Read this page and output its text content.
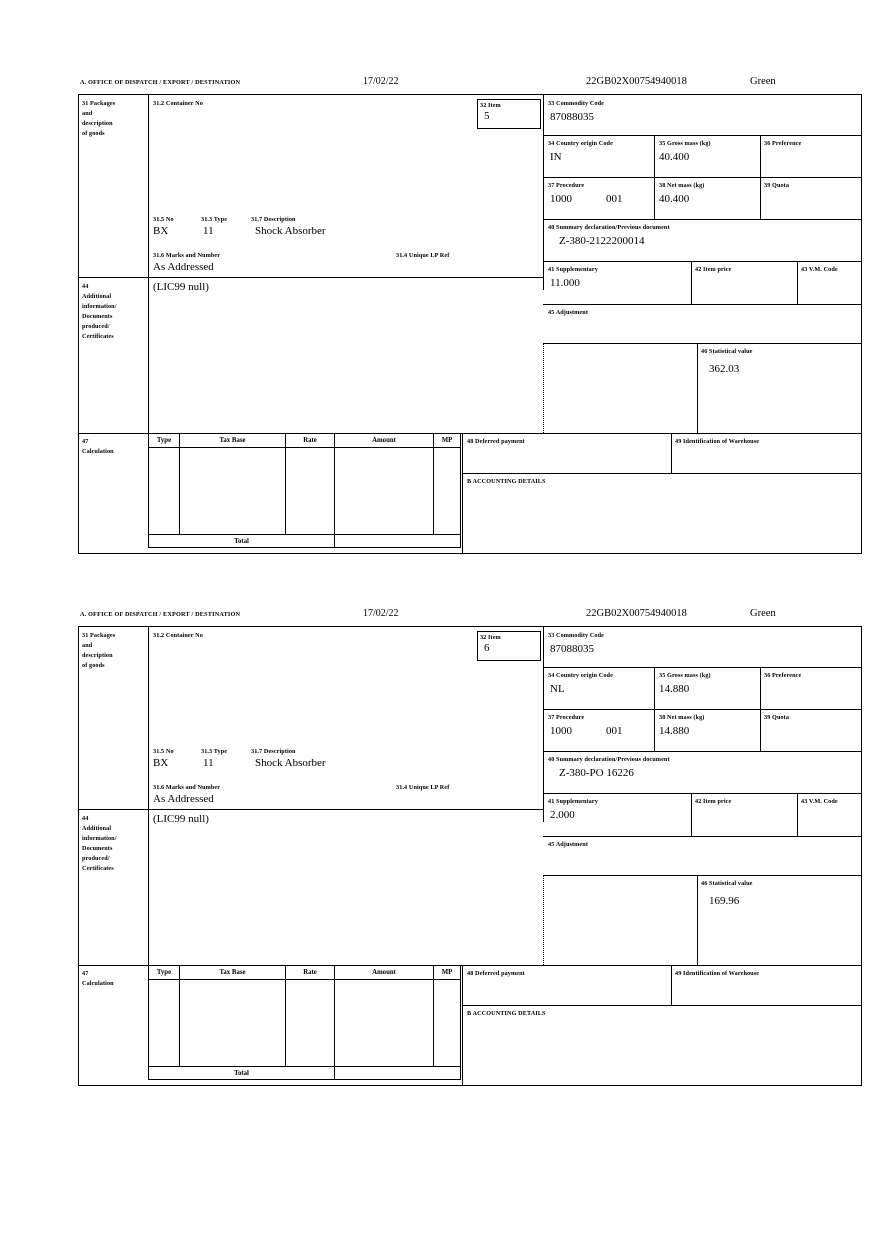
A. OFFICE OF DISPATCH / EXPORT / DESTINATION	17/02/22	22GB02X00754940018	Green
31 Packages
and
description
of goods
31.2 Container No	32 Item
5
31.5 No	31.3 Type	31.7 Description
BX	11	Shock Absorber
31.6 Marks and Number	31.4 Unique LP Ref
As Addressed
44
Additional
information/
Documents
produced/
Certificates
(LIC99 null)
33 Commodity Code
87088035
34 Country origin Code
IN
35 Gross mass (kg)
40.400
36 Preference
37 Procedure
1000	001
38 Net mass (kg)
40.400
39 Quota
40 Summary declaration/Previous document
Z-380-2122200014
41 Supplementary
11.000
42 Item price	43 V.M. Code
45 Adjustment
46 Statistical value
362.03
47
Calculation
Type	Tax Base	Rate	Amount	MP

Total				
48 Deferred payment	49 Identification of Warehouse
B ACCOUNTING DETAILS
A. OFFICE OF DISPATCH / EXPORT / DESTINATION	17/02/22	22GB02X00754940018	Green
31 Packages
and
description
of goods
31.2 Container No	32 Item
6
31.5 No	31.3 Type	31.7 Description
BX	11	Shock Absorber
31.6 Marks and Number	31.4 Unique LP Ref
As Addressed
44
Additional
information/
Documents
produced/
Certificates
(LIC99 null)
33 Commodity Code
87088035
34 Country origin Code
NL
35 Gross mass (kg)
14.880
36 Preference
37 Procedure
1000	001
38 Net mass (kg)
14.880
39 Quota
40 Summary declaration/Previous document
Z-380-PO 16226
41 Supplementary
2.000
42 Item price	43 V.M. Code
45 Adjustment
46 Statistical value
169.96
47
Calculation
Type	Tax Base	Rate	Amount	MP

Total				
48 Deferred payment	49 Identification of Warehouse
B ACCOUNTING DETAILS
